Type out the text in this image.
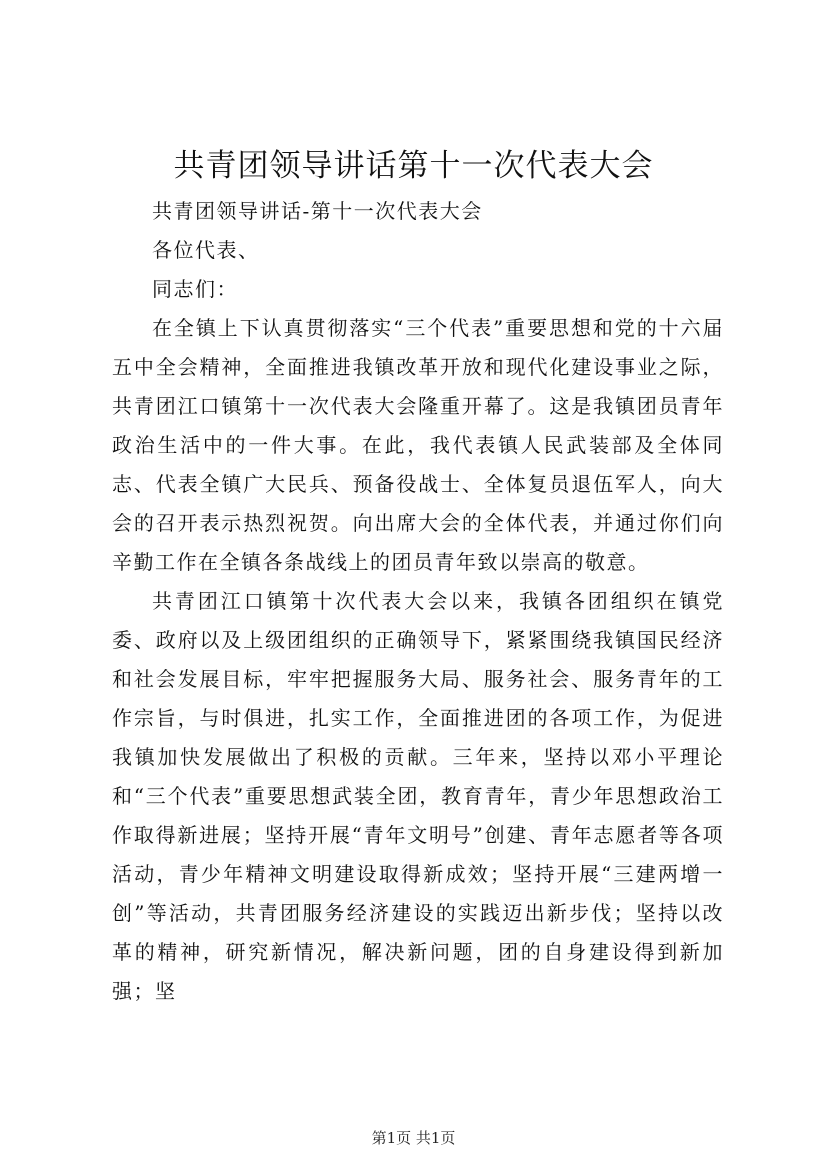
共青团领导讲话第十一次代表大会

共青团领导讲话-第十一次代表大会

各位代表、

同志们：

在全镇上下认真贯彻落实“三个代表”重要思想和党的十六届五中全会精神，全面推进我镇改革开放和现代化建设事业之际，共青团江口镇第十一次代表大会隆重开幕了。这是我镇团员青年政治生活中的一件大事。在此，我代表镇人民武装部及全体同志、代表全镇广大民兵、预备役战士、全体复员退伍军人，向大会的召开表示热烈祝贺。向出席大会的全体代表，并通过你们向辛勤工作在全镇各条战线上的团员青年致以崇高的敬意。

共青团江口镇第十次代表大会以来，我镇各团组织在镇党委、政府以及上级团组织的正确领导下，紧紧围绕我镇国民经济和社会发展目标，牢牢把握服务大局、服务社会、服务青年的工作宗旨，与时俱进，扎实工作，全面推进团的各项工作，为促进我镇加快发展做出了积极的贡献。三年来，坚持以邓小平理论和“三个代表”重要思想武装全团，教育青年，青少年思想政治工作取得新进展；坚持开展“青年文明号”创建、青年志愿者等各项活动，青少年精神文明建设取得新成效；坚持开展“三建两增一创”等活动，共青团服务经济建设的实践迈出新步伐；坚持以改革的精神，研究新情况，解决新问题，团的自身建设得到新加强；坚

第1页 共1页
